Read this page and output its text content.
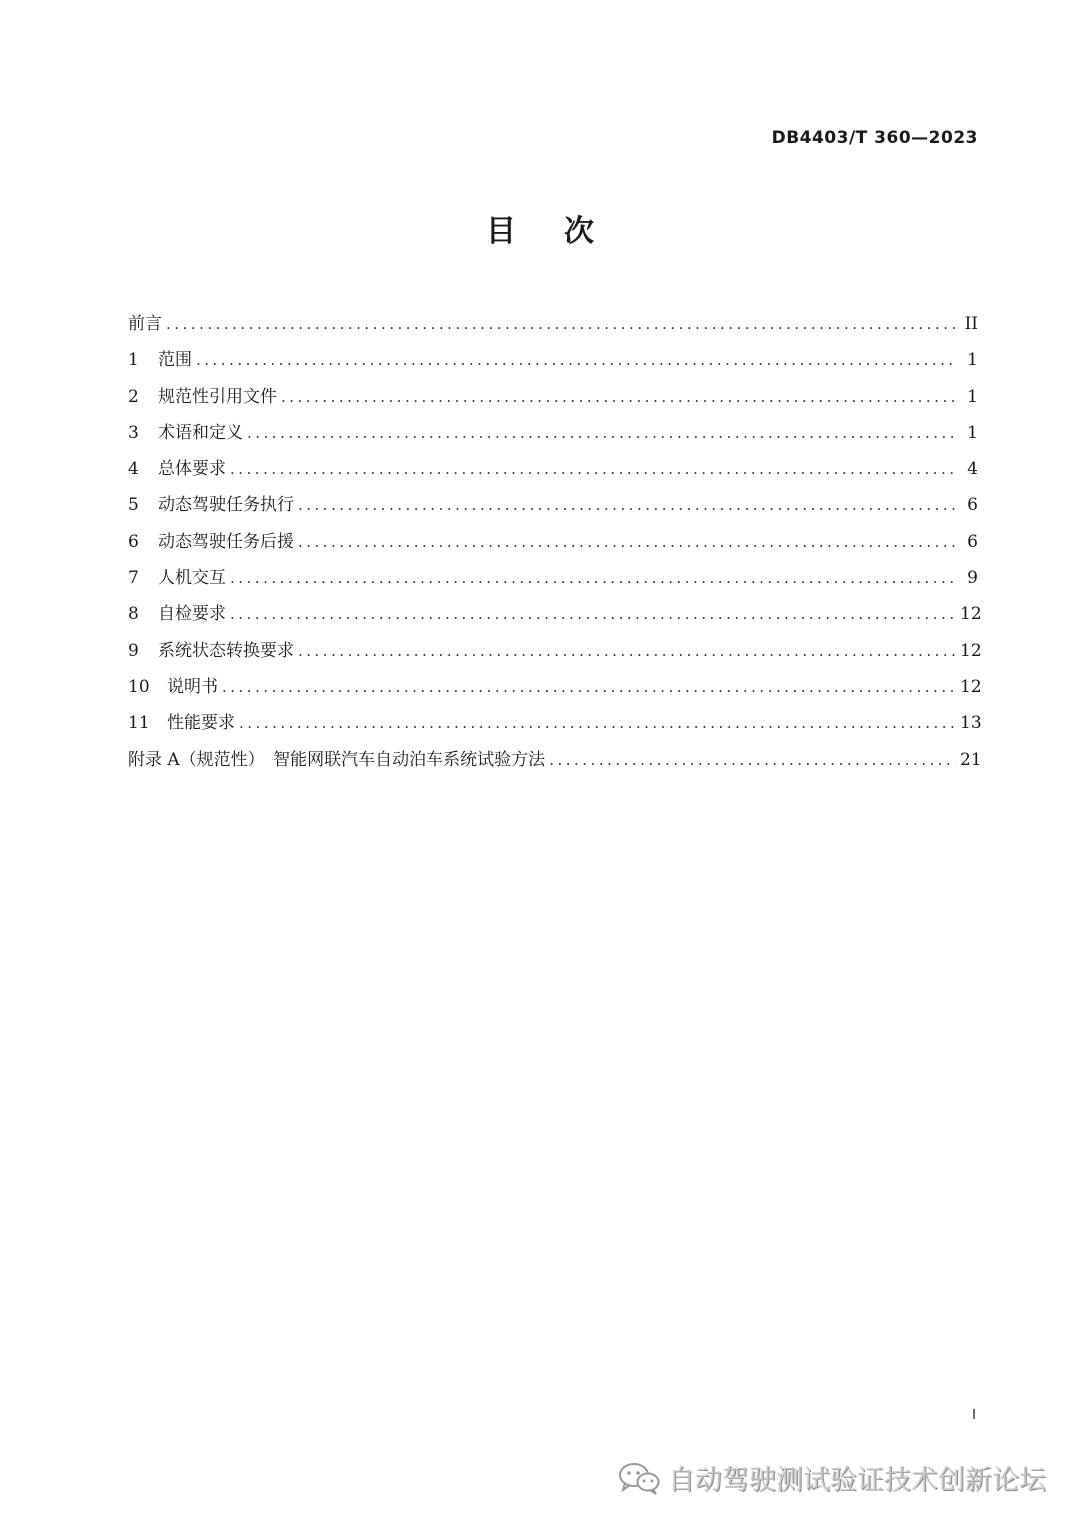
DB4403/T 360—2023
目 次
前言 .....	II
1	范围 .....	1
2	规范性引用文件 .....	1
3	术语和定义 .....	1
4	总体要求 .....	4
5	动态驾驶任务执行 .....	6
6	动态驾驶任务后援 .....	6
7	人机交互 .....	9
8	自检要求 .....	12
9	系统状态转换要求 .....	12
10	说明书 .....	12
11	性能要求 .....	13
附录 A（规范性）　智能网联汽车自动泊车系统试验方法 .....	21
I
自动驾驶测试验证技术创新论坛
